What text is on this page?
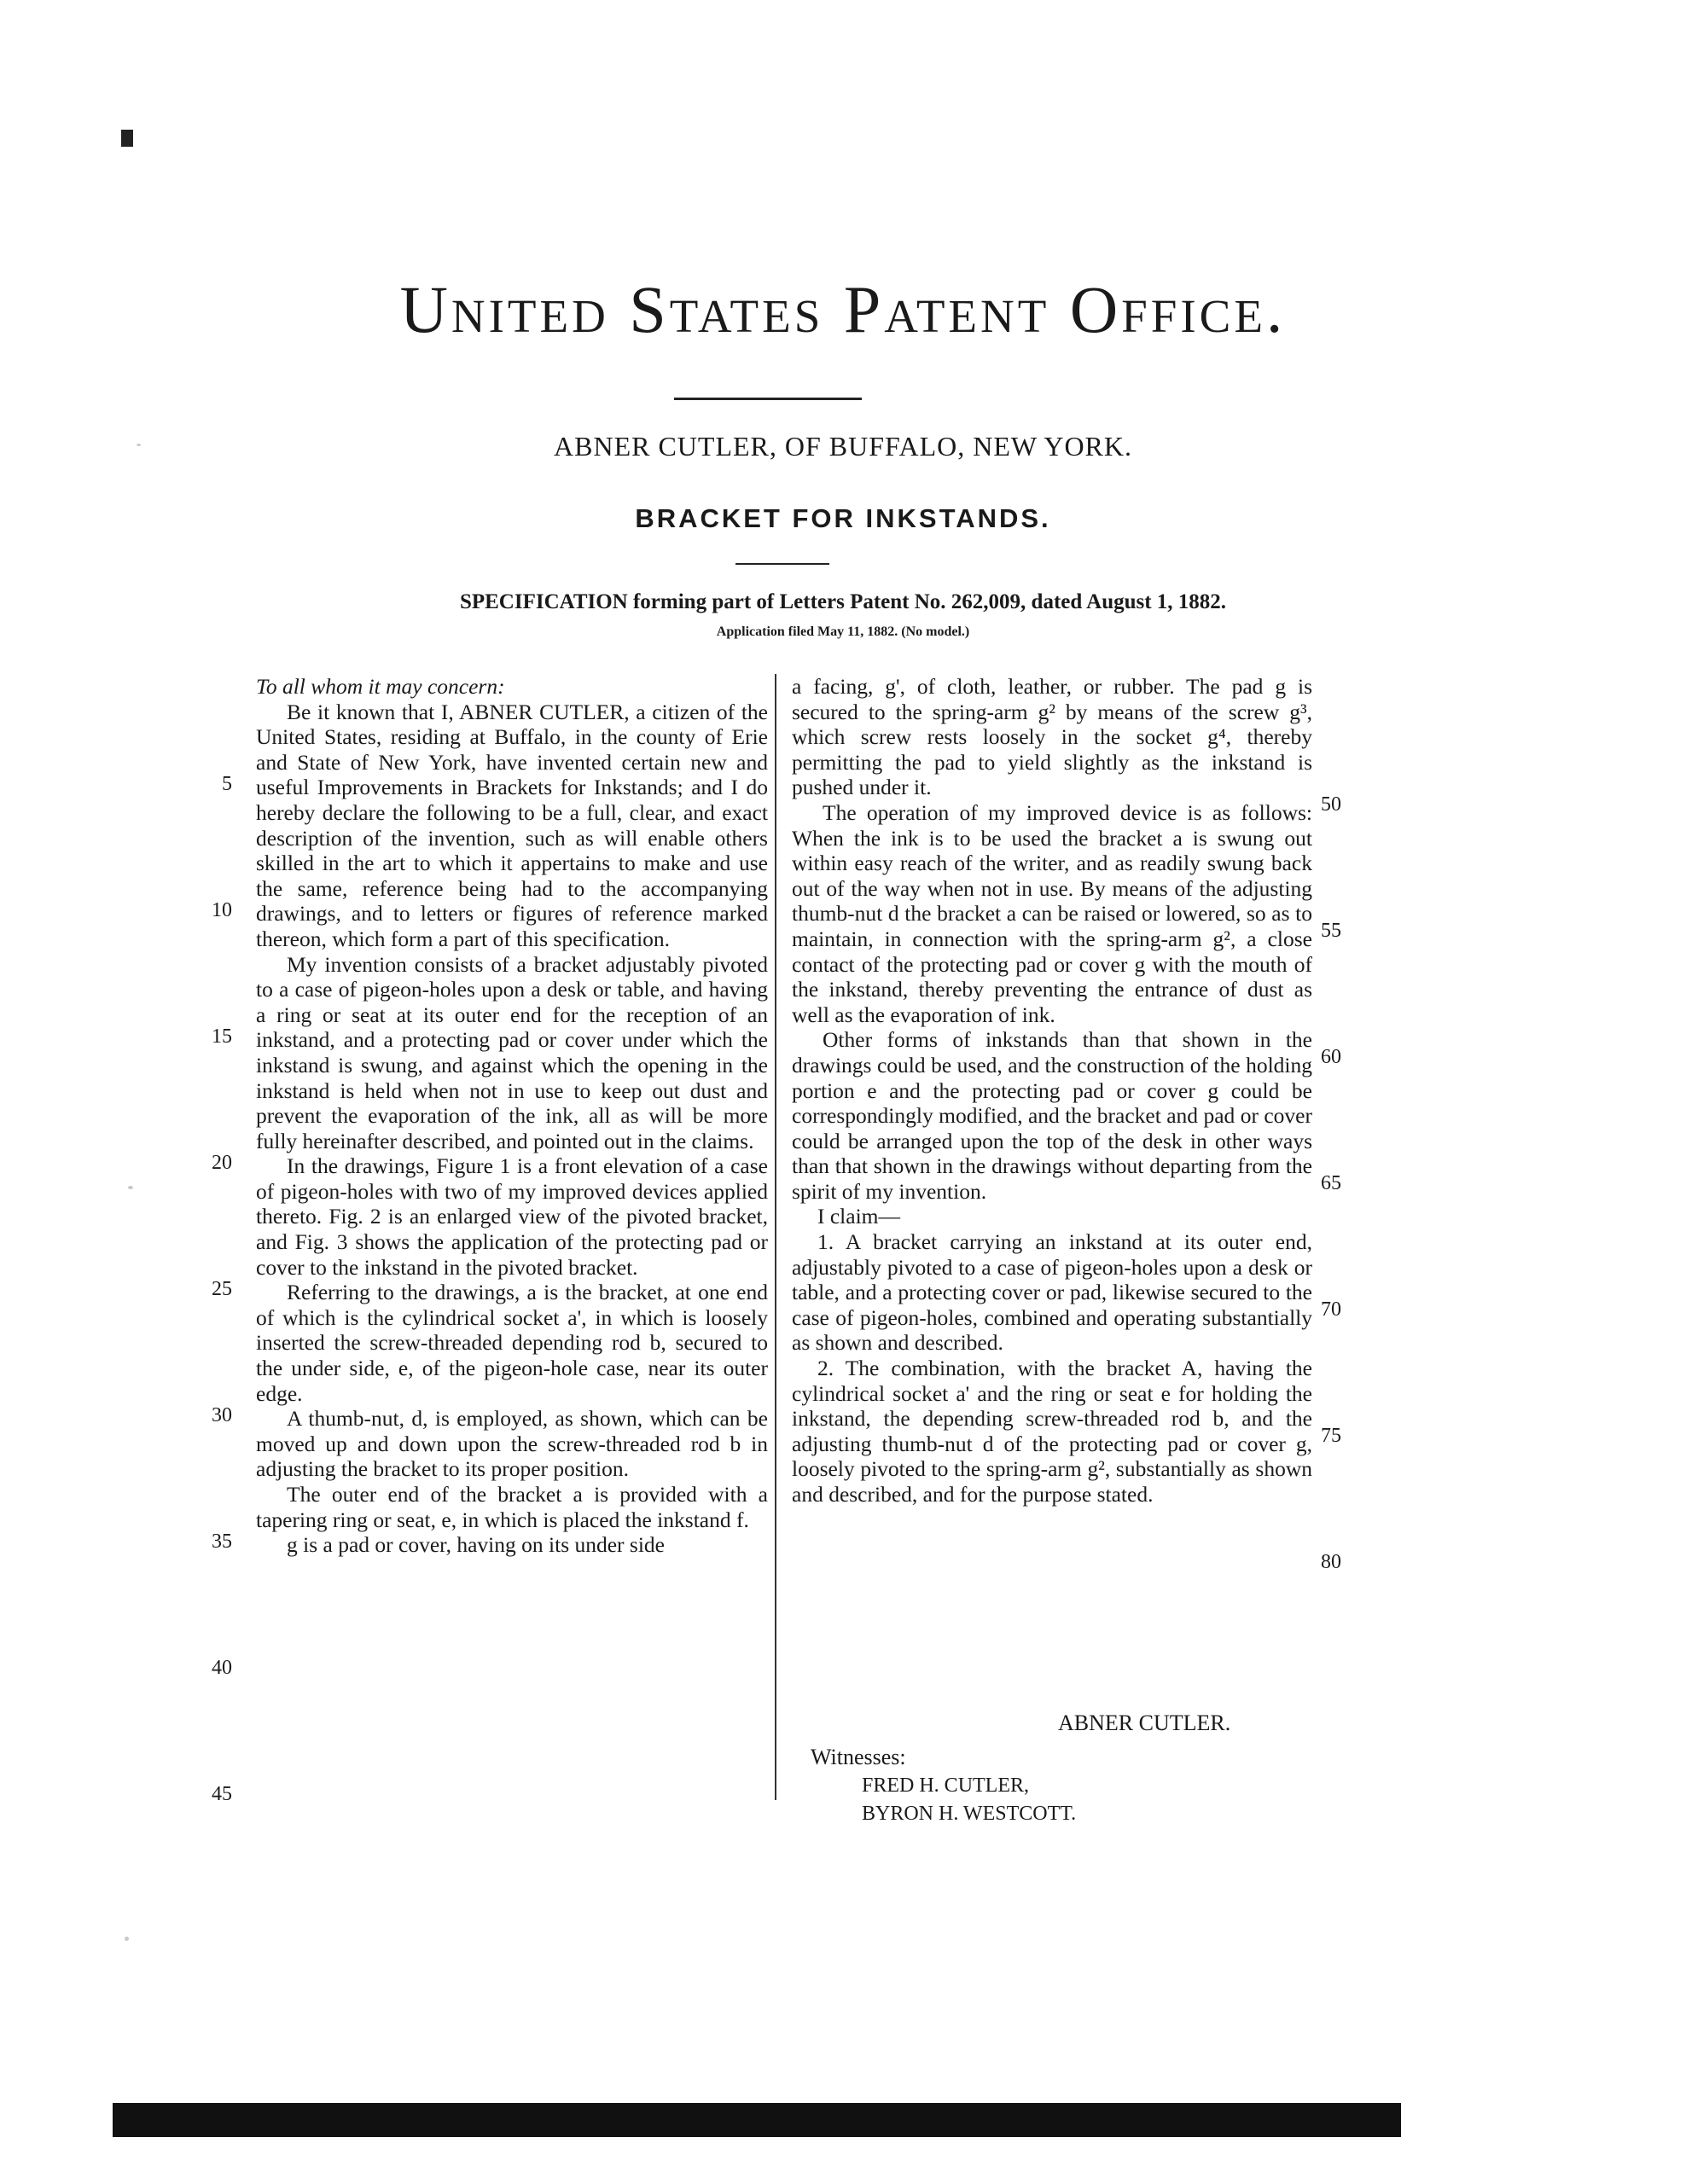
United States Patent Office.
ABNER CUTLER, OF BUFFALO, NEW YORK.
BRACKET FOR INKSTANDS.
SPECIFICATION forming part of Letters Patent No. 262,009, dated August 1, 1882.
Application filed May 11, 1882. (No model.)

To all whom it may concern:

Be it known that I, ABNER CUTLER, a citizen of the United States, residing at Buffalo, in the county of Erie and State of New York, have invented certain new and useful Improvements in Brackets for Inkstands; and I do hereby declare the following to be a full, clear, and exact description of the invention, such as will enable others skilled in the art to which it appertains to make and use the same, reference being had to the accompanying drawings, and to letters or figures of reference marked thereon, which form a part of this specification.

My invention consists of a bracket adjustably pivoted to a case of pigeon-holes upon a desk or table, and having a ring or seat at its outer end for the reception of an inkstand, and a protecting pad or cover under which the inkstand is swung, and against which the opening in the inkstand is held when not in use to keep out dust and prevent the evaporation of the ink, all as will be more fully hereinafter described, and pointed out in the claims.

In the drawings, Figure 1 is a front elevation of a case of pigeon-holes with two of my improved devices applied thereto. Fig. 2 is an enlarged view of the pivoted bracket, and Fig. 3 shows the application of the protecting pad or cover to the inkstand in the pivoted bracket.

Referring to the drawings, a is the bracket, at one end of which is the cylindrical socket a', in which is loosely inserted the screw-threaded depending rod b, secured to the under side, e, of the pigeon-hole case, near its outer edge.

A thumb-nut, d, is employed, as shown, which can be moved up and down upon the screw-threaded rod b in adjusting the bracket to its proper position.

The outer end of the bracket a is provided with a tapering ring or seat, e, in which is placed the inkstand f.

g is a pad or cover, having on its under side

a facing, g', of cloth, leather, or rubber. The pad g is secured to the spring-arm g² by means of the screw g³, which screw rests loosely in the socket g⁴, thereby permitting the pad to yield slightly as the inkstand is pushed under it.

The operation of my improved device is as follows: When the ink is to be used the bracket a is swung out within easy reach of the writer, and as readily swung back out of the way when not in use. By means of the adjusting thumb-nut d the bracket a can be raised or lowered, so as to maintain, in connection with the spring-arm g², a close contact of the protecting pad or cover g with the mouth of the inkstand, thereby preventing the entrance of dust as well as the evaporation of ink.

Other forms of inkstands than that shown in the drawings could be used, and the construction of the holding portion e and the protecting pad or cover g could be correspondingly modified, and the bracket and pad or cover could be arranged upon the top of the desk in other ways than that shown in the drawings without departing from the spirit of my invention.

I claim—

1. A bracket carrying an inkstand at its outer end, adjustably pivoted to a case of pigeon-holes upon a desk or table, and a protecting cover or pad, likewise secured to the case of pigeon-holes, combined and operating substantially as shown and described.

2. The combination, with the bracket A, having the cylindrical socket a' and the ring or seat e for holding the inkstand, the depending screw-threaded rod b, and the adjusting thumb-nut d of the protecting pad or cover g, loosely pivoted to the spring-arm g², substantially as shown and described, and for the purpose stated.

5
10
15
20
25
30
35
40
45
50
55
60
65
70
75
80
ABNER CUTLER.
Witnesses:
FRED H. CUTLER,
BYRON H. WESTCOTT.
